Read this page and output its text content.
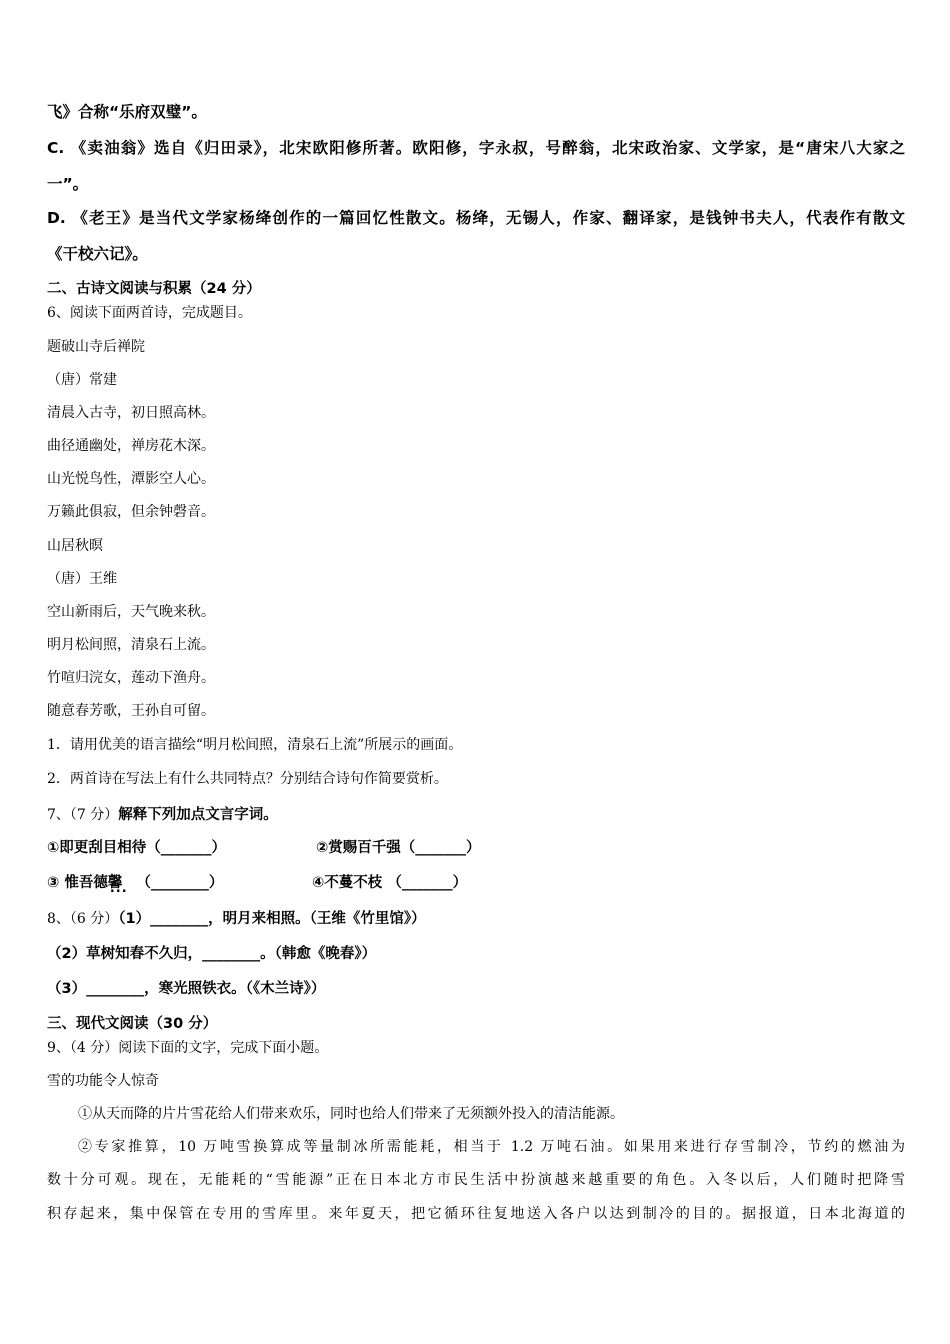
飞》合称“乐府双璧”。
C. 《卖油翁》选自《归田录》，北宋欧阳修所著。欧阳修，字永叔，号醉翁，北宋政治家、文学家，是“唐宋八大家之
一”。
D. 《老王》是当代文学家杨绛创作的一篇回忆性散文。杨绛，无锡人，作家、翻译家，是钱钟书夫人，代表作有散文
《干校六记》。
二、古诗文阅读与积累（24 分）
6、阅读下面两首诗，完成题目。
题破山寺后禅院
（唐）常建
清晨入古寺，初日照高林。
曲径通幽处，禅房花木深。
山光悦鸟性，潭影空人心。
万籁此俱寂，但余钟磬音。
山居秋暝
（唐）王维
空山新雨后，天气晚来秋。
明月松间照，清泉石上流。
竹喧归浣女，莲动下渔舟。
随意春芳歌，王孙自可留。
1．请用优美的语言描绘“明月松间照，清泉石上流”所展示的画面。
2．两首诗在写法上有什么共同特点？分别结合诗句作简要赏析。
7、（7 分）解释下列加点文言字词。
①即更刮目相待（_______）	②赏赐百千强（_______）
③ 惟吾德馨 ... （________）	④不蔓不枝 （_______）
8、（6 分）（1）________，明月来相照。（王维《竹里馆》）
（2）草树知春不久归，________。（韩愈《晚春》）
（3）________，寒光照铁衣。（《木兰诗》）
三、现代文阅读（30 分）
9、（4 分）阅读下面的文字，完成下面小题。
雪的功能令人惊奇
①从天而降的片片雪花给人们带来欢乐，同时也给人们带来了无须额外投入的清洁能源。
②专家推算，10 万吨雪换算成等量制冰所需能耗，相当于 1.2 万吨石油。如果用来进行存雪制冷，节约的燃油为
数十分可观。现在，无能耗的“雪能源”正在日本北方市民生活中扮演越来越重要的角色。入冬以后，人们随时把降雪
积存起来，集中保管在专用的雪库里。来年夏天，把它循环往复地送入各户以达到制冷的目的。据报道，日本北海道的
